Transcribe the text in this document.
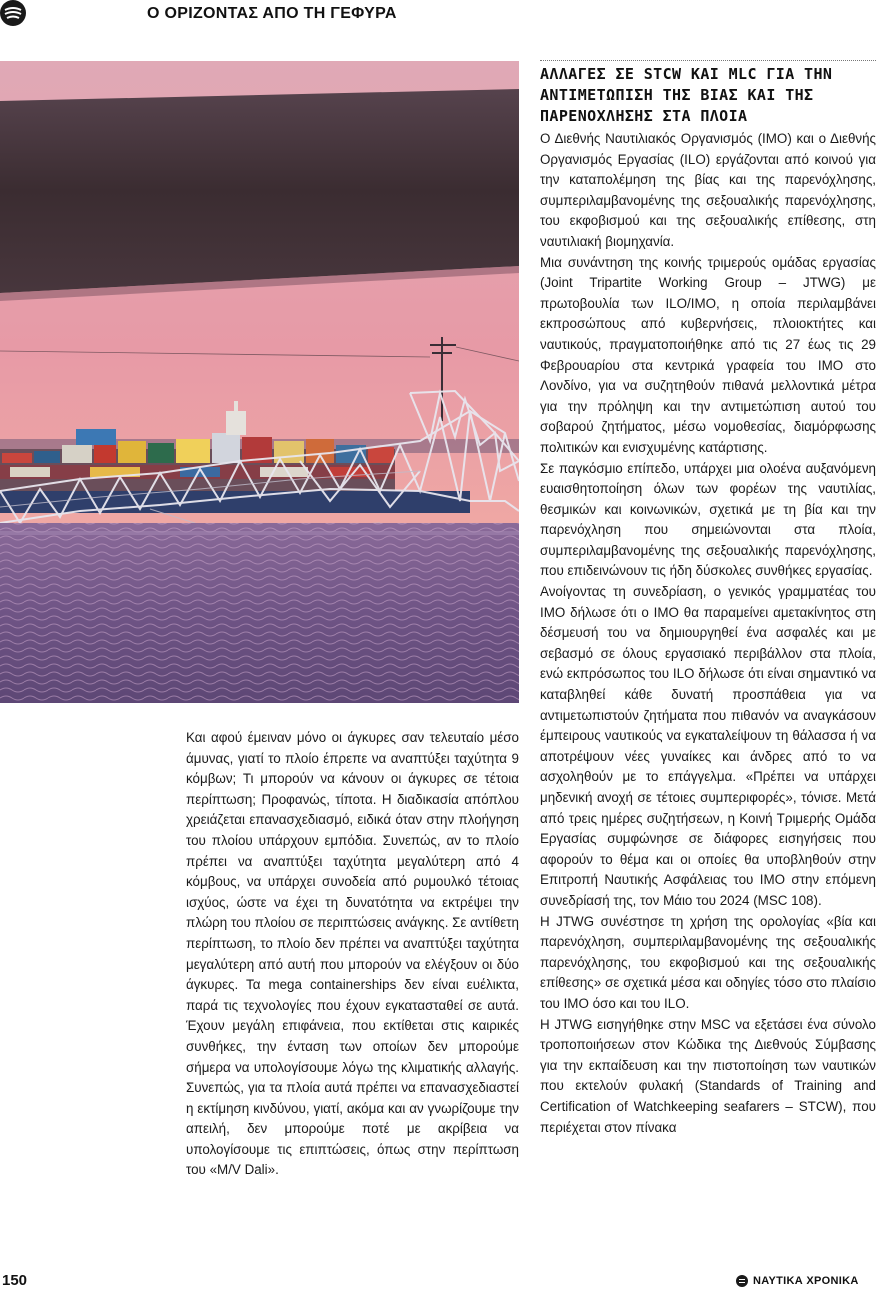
Ο ΟΡΙΖΟΝΤΑΣ ΑΠΟ ΤΗ ΓΕΦΥΡΑ

Και αφού έμειναν μόνο οι άγκυρες σαν τελευταίο μέσο άμυνας, γιατί το πλοίο έπρεπε να αναπτύξει ταχύτητα 9 κόμβων; Τι μπορούν να κάνουν οι άγκυρες σε τέτοια περίπτωση; Προφανώς, τίποτα. Η διαδικασία απόπλου χρειάζεται επανασχεδιασμό, ειδικά όταν στην πλοήγηση του πλοίου υπάρχουν εμπόδια. Συνεπώς, αν το πλοίο πρέπει να αναπτύξει ταχύτητα μεγαλύτερη από 4 κόμβους, να υπάρχει συνοδεία από ρυμουλκό τέτοιας ισχύος, ώστε να έχει τη δυνατότητα να εκτρέψει την πλώρη του πλοίου σε περιπτώσεις ανάγκης. Σε αντίθετη περίπτωση, το πλοίο δεν πρέπει να αναπτύξει ταχύτητα μεγαλύτερη από αυτή που μπορούν να ελέγξουν οι δύο άγκυρες. Τα mega containerships δεν είναι ευέλικτα, παρά τις τεχνολογίες που έχουν εγκατασταθεί σε αυτά. Έχουν μεγάλη επιφάνεια, που εκτίθεται στις καιρικές συνθήκες, την ένταση των οποίων δεν μπορούμε σήμερα να υπολογίσουμε λόγω της κλιματικής αλλαγής. Συνεπώς, για τα πλοία αυτά πρέπει να επανασχεδιαστεί η εκτίμηση κινδύνου, γιατί, ακόμα και αν γνωρίζουμε την απειλή, δεν μπορούμε ποτέ με ακρίβεια να υπολογίσουμε τις επιπτώσεις, όπως στην περίπτωση του «M/V Dali».

ΑΛΛΑΓΕΣ ΣΕ STCW ΚΑΙ MLC ΓΙΑ ΤΗΝ ΑΝΤΙΜΕΤΩΠΙΣΗ ΤΗΣ ΒΙΑΣ ΚΑΙ ΤΗΣ ΠΑΡΕΝΟΧΛΗΣΗΣ ΣΤΑ ΠΛΟΙΑ

Ο Διεθνής Ναυτιλιακός Οργανισμός (IMO) και ο Διεθνής Οργανισμός Εργασίας (ILO) εργάζονται από κοινού για την καταπολέμηση της βίας και της παρενόχλησης, συμπεριλαμβανομένης της σεξουαλικής παρενόχλησης, του εκφοβισμού και της σεξουαλικής επίθεσης, στη ναυτιλιακή βιομηχανία.

Μια συνάντηση της κοινής τριμερούς ομάδας εργασίας (Joint Tripartite Working Group – JTWG) με πρωτοβουλία των ILO/IMO, η οποία περιλαμβάνει εκπροσώπους από κυβερνήσεις, πλοιοκτήτες και ναυτικούς, πραγματοποιήθηκε από τις 27 έως τις 29 Φεβρουαρίου στα κεντρικά γραφεία του IMO στο Λονδίνο, για να συζητηθούν πιθανά μελλοντικά μέτρα για την πρόληψη και την αντιμετώπιση αυτού του σοβαρού ζητήματος, μέσω νομοθεσίας, διαμόρφωσης πολιτικών και ενισχυμένης κατάρτισης.

Σε παγκόσμιο επίπεδο, υπάρχει μια ολοένα αυξανόμενη ευαισθητοποίηση όλων των φορέων της ναυτιλίας, θεσμικών και κοινωνικών, σχετικά με τη βία και την παρενόχληση που σημειώνονται στα πλοία, συμπεριλαμβανομένης της σεξουαλικής παρενόχλησης, που επιδεινώνουν τις ήδη δύσκολες συνθήκες εργασίας.

Ανοίγοντας τη συνεδρίαση, ο γενικός γραμματέας του IMO δήλωσε ότι ο IMO θα παραμείνει αμετακίνητος στη δέσμευσή του να δημιουργηθεί ένα ασφαλές και με σεβασμό σε όλους εργασιακό περιβάλλον στα πλοία, ενώ εκπρόσωπος του ILO δήλωσε ότι είναι σημαντικό να καταβληθεί κάθε δυνατή προσπάθεια για να αντιμετωπιστούν ζητήματα που πιθανόν να αναγκάσουν έμπειρους ναυτικούς να εγκαταλείψουν τη θάλασσα ή να αποτρέψουν νέες γυναίκες και άνδρες από το να ασχοληθούν με το επάγγελμα. «Πρέπει να υπάρχει μηδενική ανοχή σε τέτοιες συμπεριφορές», τόνισε. Μετά από τρεις ημέρες συζητήσεων, η Κοινή Τριμερής Ομάδα Εργασίας συμφώνησε σε διάφορες εισηγήσεις που αφορούν το θέμα και οι οποίες θα υποβληθούν στην Επιτροπή Ναυτικής Ασφάλειας του IMO στην επόμενη συνεδρίασή της, τον Μάιο του 2024 (MSC 108).

Η JTWG συνέστησε τη χρήση της ορολογίας «βία και παρενόχληση, συμπεριλαμβανομένης της σεξουαλικής παρενόχλησης, του εκφοβισμού και της σεξουαλικής επίθεσης» σε σχετικά μέσα και οδηγίες τόσο στο πλαίσιο του IMO όσο και του ILO.

Η JTWG εισηγήθηκε στην MSC να εξετάσει ένα σύνολο τροποποιήσεων στον Κώδικα της Διεθνούς Σύμβασης για την εκπαίδευση και την πιστοποίηση των ναυτικών που εκτελούν φυλακή (Standards of Training and Certification of Watchkeeping seafarers – STCW), που περιέχεται στον πίνακα

150	ΝΑΥΤΙΚΑ ΧΡΟΝΙΚΑ
